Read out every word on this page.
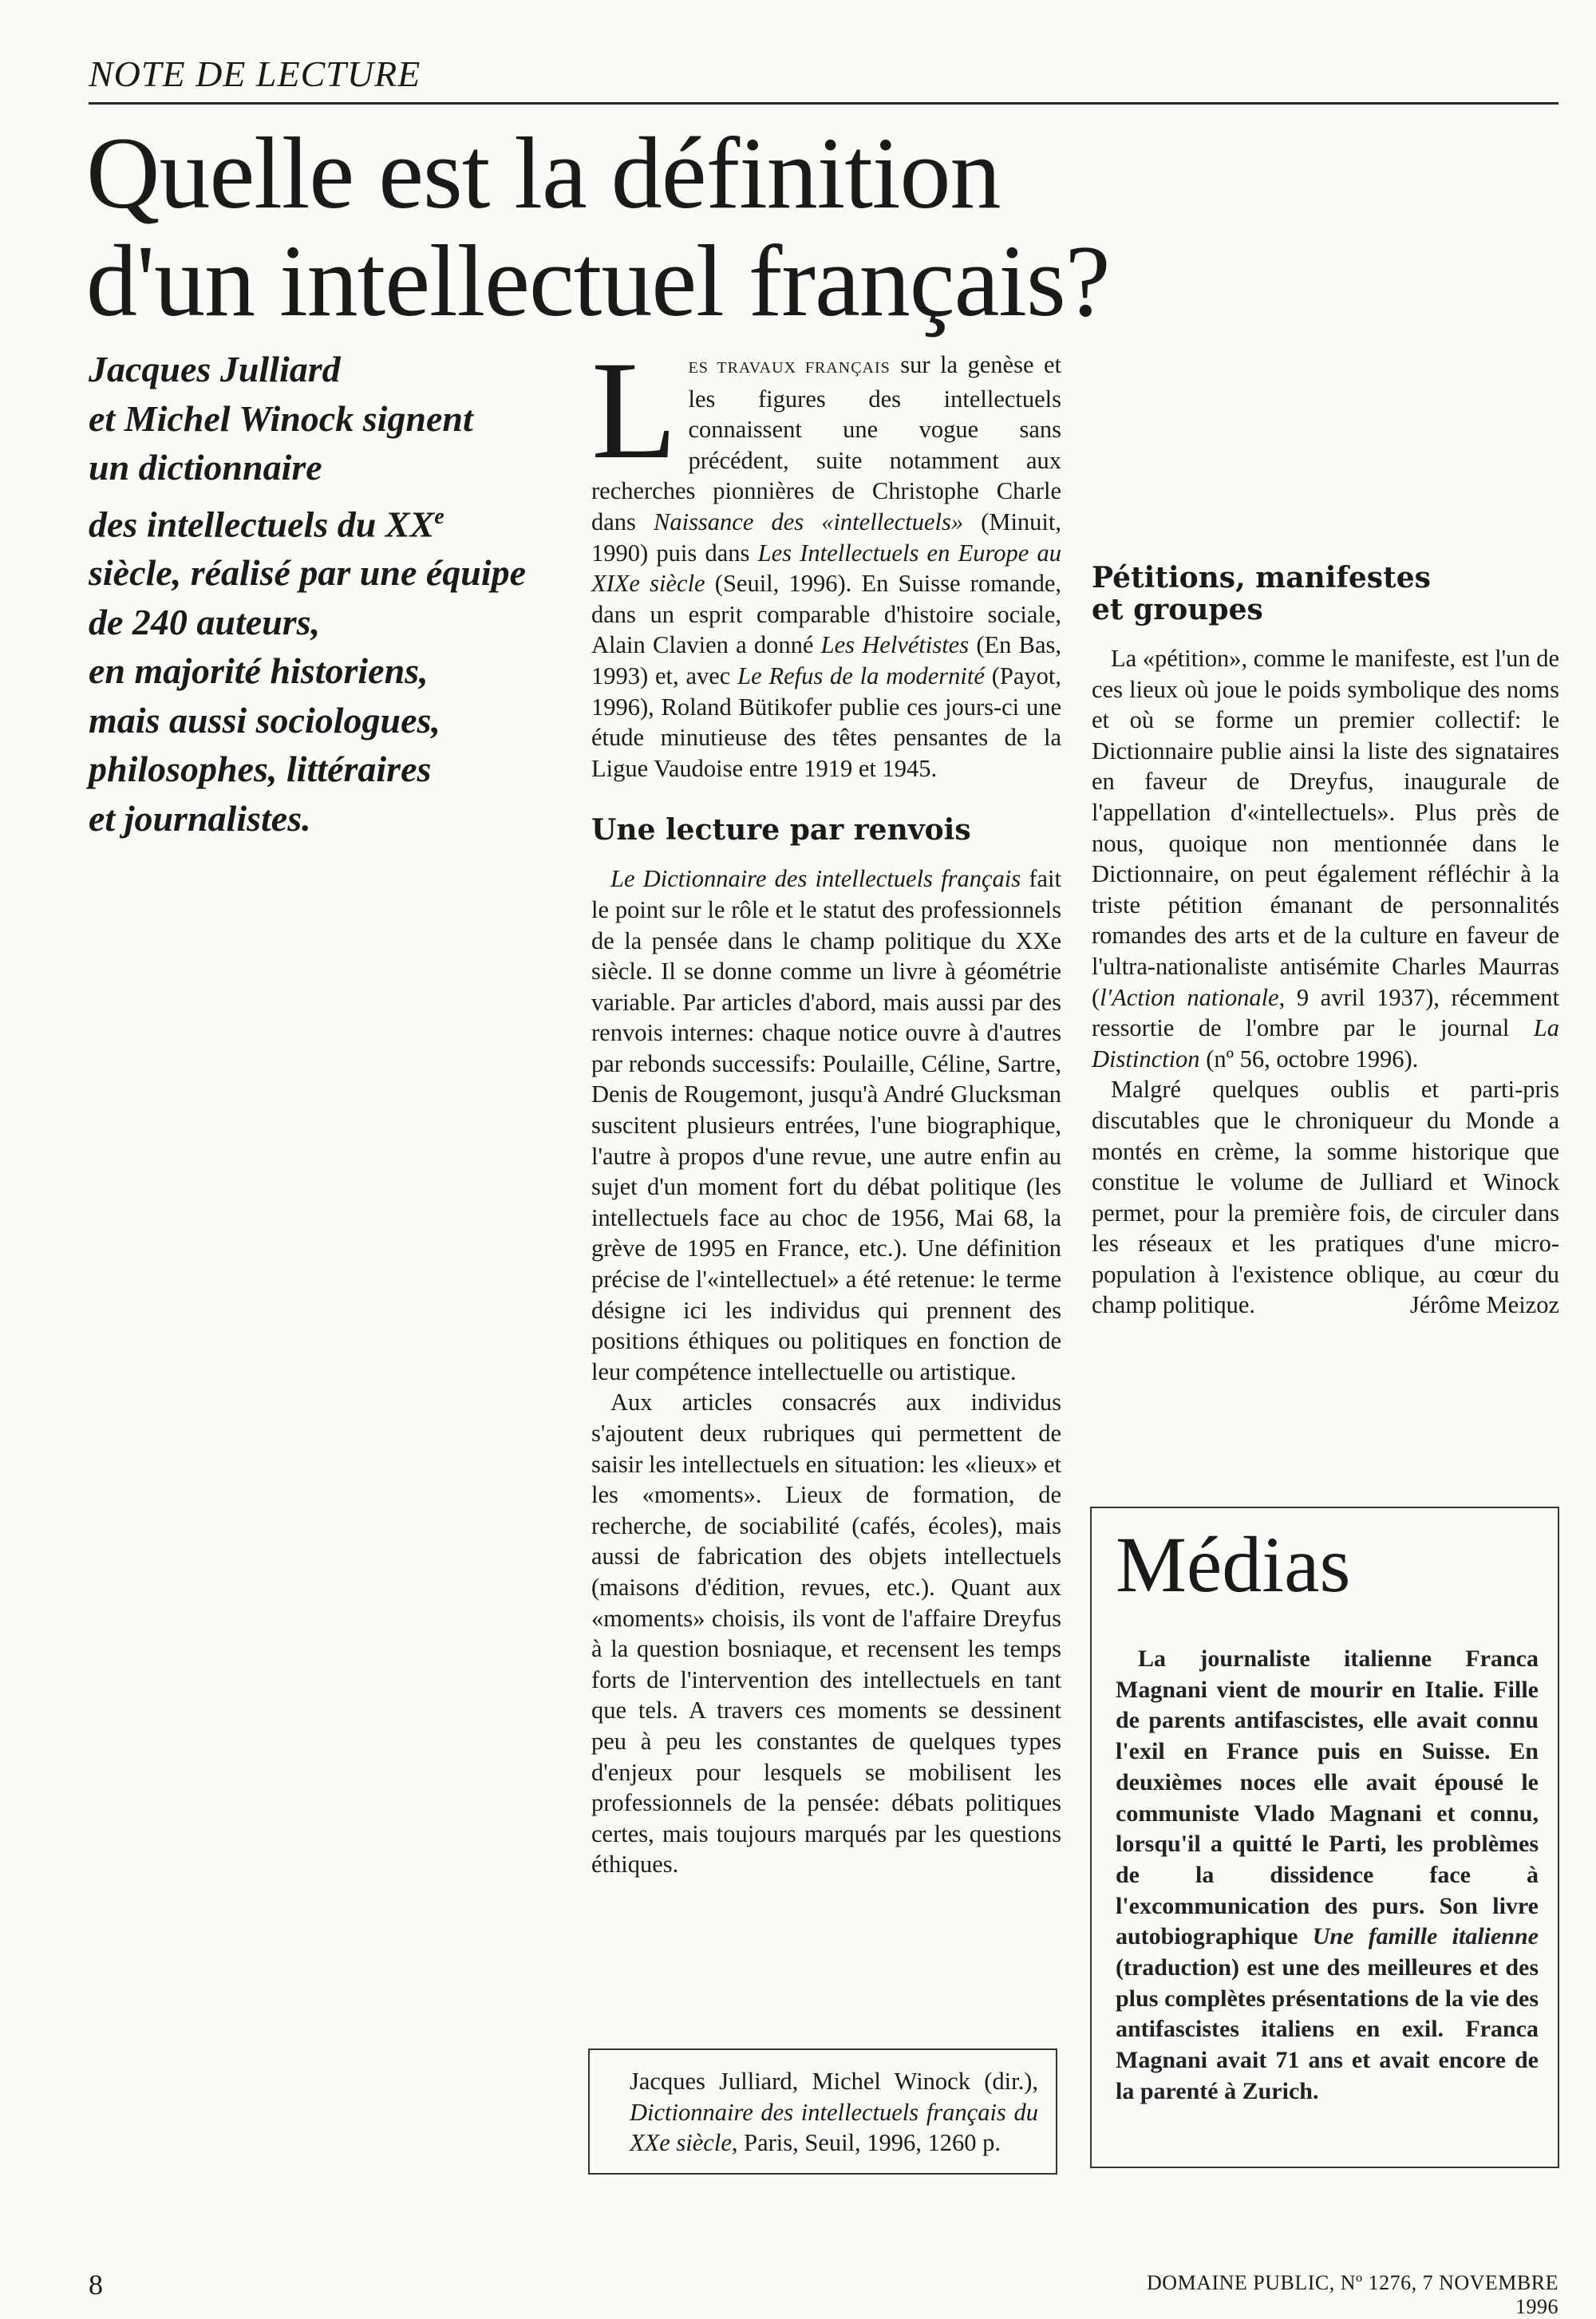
NOTE DE LECTURE
Quelle est la définition
d'un intellectuel français?

Jacques Julliard

et Michel Winock signent

un dictionnaire

des intellectuels du XXe

siècle, réalisé par une équipe

de 240 auteurs,

en majorité historiens,

mais aussi sociologues,

philosophes, littéraires

et journalistes.

LES TRAVAUX FRANÇAIS sur la genèse et les figures des intellectuels connaissent une vogue sans précédent, suite notamment aux recherches pionnières de Christophe Charle dans Naissance des «intellectuels» (Minuit, 1990) puis dans Les Intellectuels en Europe au XIXe siècle (Seuil, 1996). En Suisse romande, dans un esprit comparable d'histoire sociale, Alain Clavien a donné Les Helvétistes (En Bas, 1993) et, avec Le Refus de la modernité (Payot, 1996), Roland Bütikofer publie ces jours-ci une étude minutieuse des têtes pensantes de la Ligue Vaudoise entre 1919 et 1945.

Une lecture par renvois

Le Dictionnaire des intellectuels français fait le point sur le rôle et le statut des professionnels de la pensée dans le champ politique du XXe siècle. Il se donne comme un livre à géométrie variable. Par articles d'abord, mais aussi par des renvois internes: chaque notice ouvre à d'autres par rebonds successifs: Poulaille, Céline, Sartre, Denis de Rougemont, jusqu'à André Glucksman suscitent plusieurs entrées, l'une biographique, l'autre à propos d'une revue, une autre enfin au sujet d'un moment fort du débat politique (les intellectuels face au choc de 1956, Mai 68, la grève de 1995 en France, etc.). Une définition précise de l'«intellectuel» a été retenue: le terme désigne ici les individus qui prennent des positions éthiques ou politiques en fonction de leur compétence intellectuelle ou artistique.

Aux articles consacrés aux individus s'ajoutent deux rubriques qui permettent de saisir les intellectuels en situation: les «lieux» et les «moments». Lieux de formation, de recherche, de sociabilité (cafés, écoles), mais aussi de fabrication des objets intellectuels (maisons d'édition, revues, etc.). Quant aux «moments» choisis, ils vont de l'affaire Dreyfus à la question bosniaque, et recensent les temps forts de l'intervention des intellectuels en tant que tels. A travers ces moments se dessinent peu à peu les constantes de quelques types d'enjeux pour lesquels se mobilisent les professionnels de la pensée: débats politiques certes, mais toujours marqués par les questions éthiques.

Pétitions, manifestes
et groupes

La «pétition», comme le manifeste, est l'un de ces lieux où joue le poids symbolique des noms et où se forme un premier collectif: le Dictionnaire publie ainsi la liste des signataires en faveur de Dreyfus, inaugurale de l'appellation d'«intellectuels». Plus près de nous, quoique non mentionnée dans le Dictionnaire, on peut également réfléchir à la triste pétition émanant de personnalités romandes des arts et de la culture en faveur de l'ultra-nationaliste antisémite Charles Maurras (l'Action nationale, 9 avril 1937), récemment ressortie de l'ombre par le journal La Distinction (nº 56, octobre 1996).

Malgré quelques oublis et parti-pris discutables que le chroniqueur du Monde a montés en crème, la somme historique que constitue le volume de Julliard et Winock permet, pour la première fois, de circuler dans les réseaux et les pratiques d'une micro-population à l'existence oblique, au cœur du champ politique.	Jérôme Meizoz

Jacques Julliard, Michel Winock (dir.), Dictionnaire des intellectuels français du XXe siècle, Paris, Seuil, 1996, 1260 p.
Médias

La journaliste italienne Franca Magnani vient de mourir en Italie. Fille de parents antifascistes, elle avait connu l'exil en France puis en Suisse. En deuxièmes noces elle avait épousé le communiste Vlado Magnani et connu, lorsqu'il a quitté le Parti, les problèmes de la dissidence face à l'excommunication des purs. Son livre autobiographique Une famille italienne (traduction) est une des meilleures et des plus complètes présentations de la vie des antifascistes italiens en exil. Franca Magnani avait 71 ans et avait encore de la parenté à Zurich.

8	DOMAINE PUBLIC, Nº 1276, 7 NOVEMBRE 1996
